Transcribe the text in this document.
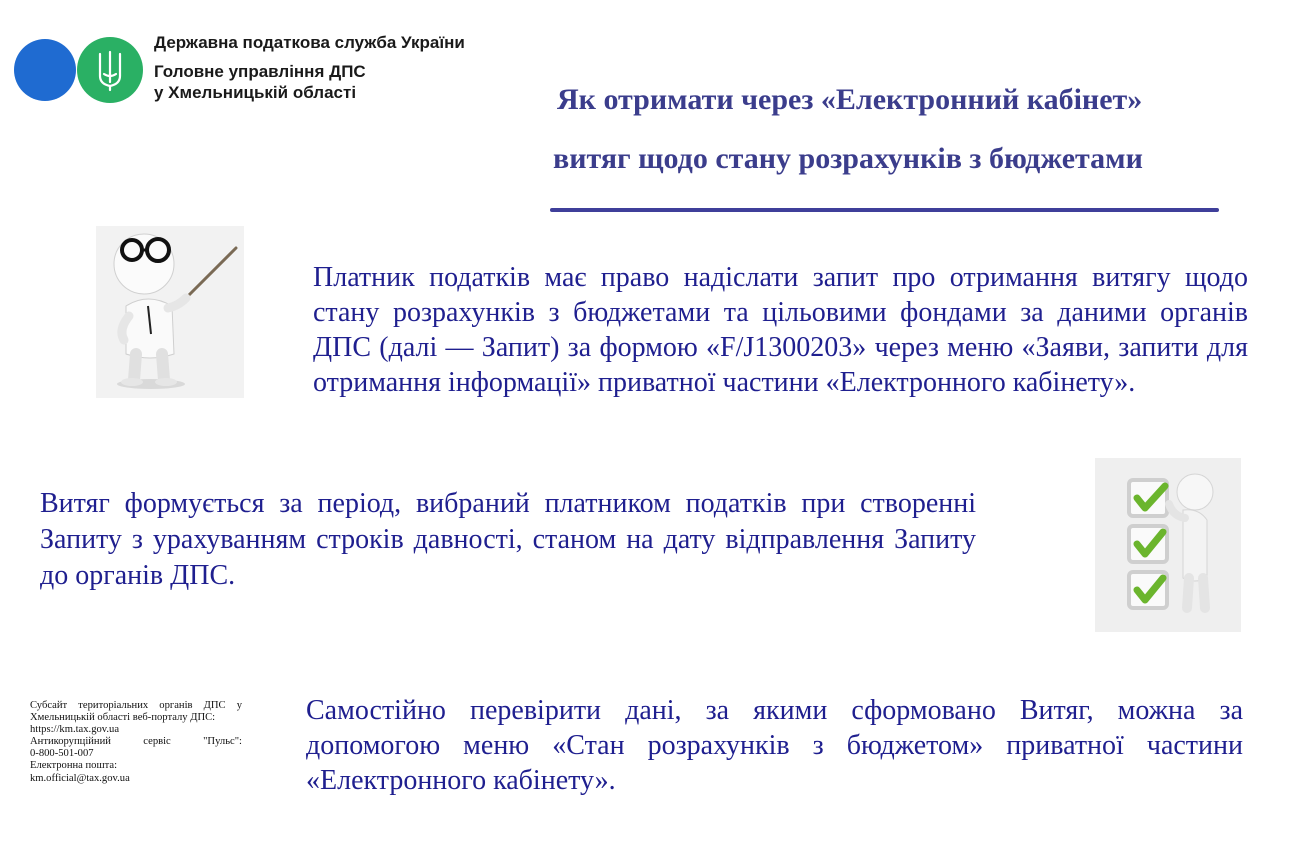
Державна податкова служба України
Головне управління ДПС
у Хмельницькій області	Як отримати через «Електронний кабінет»
витяг щодо стану розрахунків з бюджетами
Платник податків має право надіслати запит про отримання витягу щодо стану розрахунків з бюджетами та цільовими фондами за даними органів ДПС (далі — Запит) за формою «F/J1300203» через меню «Заяви, запити для отримання інформації» приватної частини «Електронного кабінету».
Витяг формується за період, вибраний платником податків при створенні Запиту з урахуванням строків давності, станом на дату відправлення Запиту до органів ДПС.
Самостійно перевірити дані, за якими сформовано Витяг, можна за допомогою меню «Стан розрахунків з бюджетом» приватної частини «Електронного кабінету».
Субсайт територіальних органів ДПС у
Хмельницькій області веб-порталу ДПС:
https://km.tax.gov.ua
Антикорупційний сервіс "Пульс":
0-800-501-007
Електронна пошта:
km.official@tax.gov.ua
